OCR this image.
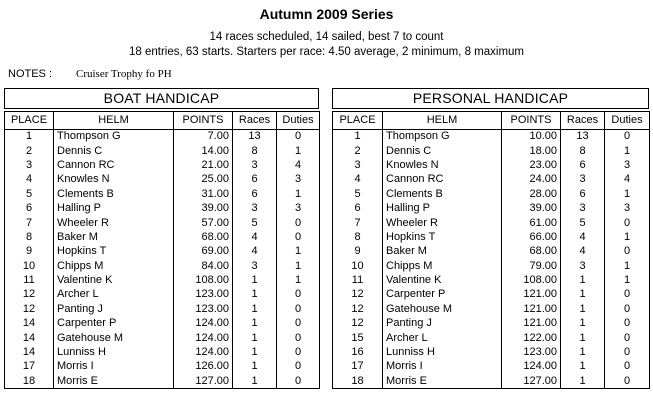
Autumn 2009 Series
14 races scheduled, 14 sailed, best 7 to count
18 entries, 63 starts. Starters per race: 4.50 average, 2 minimum, 8 maximum
NOTES : Cruiser Trophy fo PH
BOAT HANDICAP	PERSONAL HANDICAP
PLACE	HELM	POINTS	Races	Duties
1	Thompson G	7.00	13	0
2	Dennis C	14.00	8	1
3	Cannon RC	21.00	3	4
4	Knowles N	25.00	6	3
5	Clements B	31.00	6	1
6	Halling P	39.00	3	3
7	Wheeler R	57.00	5	0
8	Baker M	68.00	4	0
9	Hopkins T	69.00	4	1
10	Chipps M	84.00	3	1
11	Valentine K	108.00	1	1
12	Archer L	123.00	1	0
12	Panting J	123.00	1	0
14	Carpenter P	124.00	1	0
14	Gatehouse M	124.00	1	0
14	Lunniss H	124.00	1	0
17	Morris I	126.00	1	0
18	Morris E	127.00	1	0
PLACE	HELM	POINTS	Races	Duties
1	Thompson G	10.00	13	0
2	Dennis C	18.00	8	1
3	Knowles N	23.00	6	3
4	Cannon RC	24.00	3	4
5	Clements B	28.00	6	1
6	Halling P	39.00	3	3
7	Wheeler R	61.00	5	0
8	Hopkins T	66.00	4	1
9	Baker M	68.00	4	0
10	Chipps M	79.00	3	1
11	Valentine K	108.00	1	1
12	Carpenter P	121.00	1	0
12	Gatehouse M	121.00	1	0
12	Panting J	121.00	1	0
15	Archer L	122.00	1	0
16	Lunniss H	123.00	1	0
17	Morris I	124.00	1	0
18	Morris E	127.00	1	0
